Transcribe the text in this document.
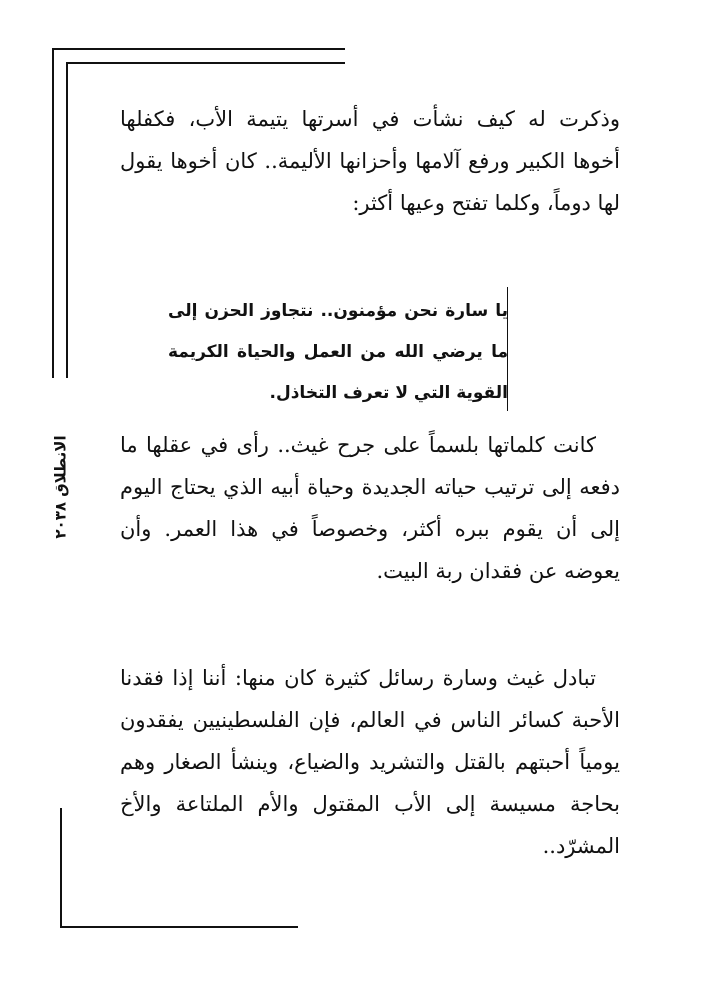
الانطلاق ٢٠٣٨

وذكرت له كيف نشأت في أسرتها يتيمة الأب، فكفلها أخوها الكبير ورفع آلامها وأحزانها الأليمة.. كان أخوها يقول لها دوماً، وكلما تفتح وعيها أكثر:

يا سارة نحن مؤمنون.. نتجاوز الحزن إلى ما يرضي الله من العمل والحياة الكريمة القوية التي لا تعرف التخاذل.

كانت كلماتها بلسماً على جرح غيث.. رأى في عقلها ما دفعه إلى ترتيب حياته الجديدة وحياة أبيه الذي يحتاج اليوم إلى أن يقوم ببره أكثر، وخصوصاً في هذا العمر. وأن يعوضه عن فقدان ربة البيت.

تبادل غيث وسارة رسائل كثيرة كان منها: أننا إذا فقدنا الأحبة كسائر الناس في العالم، فإن الفلسطينيين يفقدون يومياً أحبتهم بالقتل والتشريد والضياع، وينشأ الصغار وهم بحاجة مسيسة إلى الأب المقتول والأم الملتاعة والأخ المشرّد..
